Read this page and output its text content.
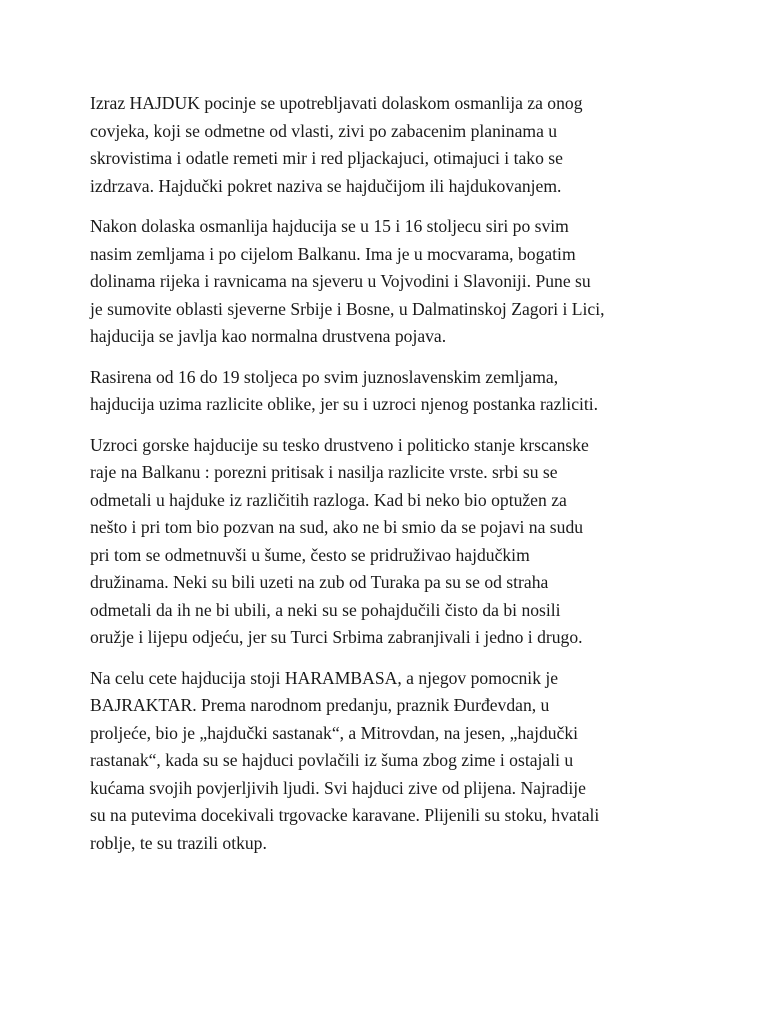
Izraz HAJDUK pocinje se upotrebljavati dolaskom osmanlija za onog
covjeka, koji se odmetne od vlasti, zivi po zabacenim planinama u
skrovistima i odatle remeti mir i red pljackajuci, otimajuci i tako se
izdrzava. Hajdučki pokret naziva se hajdučijom ili hajdukovanjem.

Nakon dolaska osmanlija hajducija se u 15 i 16 stoljecu siri po svim
nasim zemljama i po cijelom Balkanu. Ima je u mocvarama, bogatim
dolinama rijeka i ravnicama na sjeveru u Vojvodini i Slavoniji. Pune su
je sumovite oblasti sjeverne Srbije i Bosne, u Dalmatinskoj Zagori i Lici,
hajducija se javlja kao normalna drustvena pojava.

Rasirena od 16 do 19 stoljeca po svim juznoslavenskim zemljama,
hajducija uzima razlicite oblike, jer su i uzroci njenog postanka razliciti.

Uzroci gorske hajducije su tesko drustveno i politicko stanje krscanske
raje na Balkanu : porezni pritisak i nasilja razlicite vrste. srbi su se
odmetali u hajduke iz različitih razloga. Kad bi neko bio optužen za
nešto i pri tom bio pozvan na sud, ako ne bi smio da se pojavi na sudu
pri tom se odmetnuvši u šume, često se pridruživao hajdučkim
družinama. Neki su bili uzeti na zub od Turaka pa su se od straha
odmetali da ih ne bi ubili, a neki su se pohajdučili čisto da bi nosili
oružje i lijepu odjeću, jer su Turci Srbima zabranjivali i jedno i drugo.

Na celu cete hajducija stoji HARAMBASA, a njegov pomocnik je
BAJRAKTAR. Prema narodnom predanju, praznik Đurđevdan, u
proljeće, bio je „hajdučki sastanak“, a Mitrovdan, na jesen, „hajdučki
rastanak“, kada su se hajduci povlačili iz šuma zbog zime i ostajali u
kućama svojih povjerljivih ljudi. Svi hajduci zive od plijena. Najradije
su na putevima docekivali trgovacke karavane. Plijenili su stoku, hvatali
roblje, te su trazili otkup.
